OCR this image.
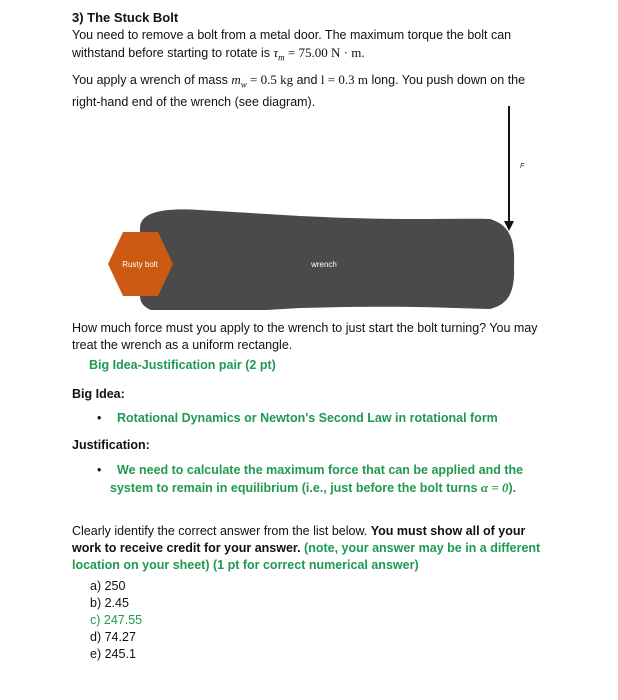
3) The Stuck Bolt
You need to remove a bolt from a metal door. The maximum torque the bolt can
withstand before starting to rotate is $\tau_m = 75.00$ N · m.
You apply a wrench of mass $m_w = 0.5$ kg and l = 0.3 m long. You push down on the
right-hand end of the wrench (see diagram).
Rusty bolt	wrench
F
How much force must you apply to the wrench to just start the bolt turning? You may
treat the wrench as a uniform rectangle.
Big Idea-Justification pair (2 pt)
Big Idea:
• Rotational Dynamics or Newton's Second Law in rotational form
Justification:
• We need to calculate the maximum force that can be applied and the
system to remain in equilibrium (i.e., just before the bolt turns α = 0).
Clearly identify the correct answer from the list below. You must show all of your
work to receive credit for your answer. (note, your answer may be in a different
location on your sheet) (1 pt for correct numerical answer)
a) 250
b) 2.45
c) 247.55
d) 74.27
e) 245.1
